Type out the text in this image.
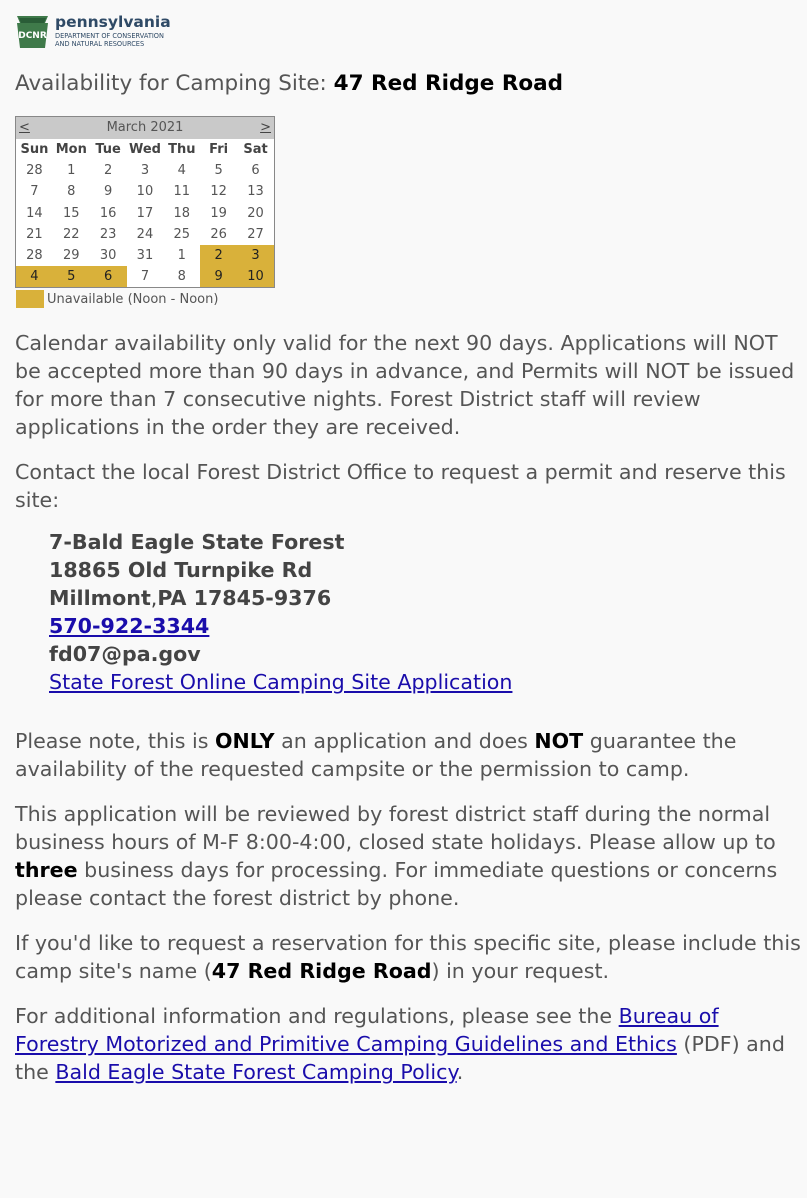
DCNR
pennsylvania
DEPARTMENT OF CONSERVATION
AND NATURAL RESOURCES
Availability for Camping Site: 47 Red Ridge Road
<	March 2021	>
Sun	Mon	Tue	Wed	Thu	Fri	Sat
28	1	2	3	4	5	6
7	8	9	10	11	12	13
14	15	16	17	18	19	20
21	22	23	24	25	26	27
28	29	30	31	1	2	3
4	5	6	7	8	9	10
Unavailable (Noon - Noon)

Calendar availability only valid for the next 90 days. Applications will NOT be accepted more than 90 days in advance, and Permits will NOT be issued for more than 7 consecutive nights. Forest District staff will review applications in the order they are received.

Contact the local Forest District Office to request a permit and reserve this site:

7-Bald Eagle State Forest
18865 Old Turnpike Rd
Millmont,PA 17845-9376
570-922-3344
fd07@pa.gov
State Forest Online Camping Site Application

Please note, this is ONLY an application and does NOT guarantee the availability of the requested campsite or the permission to camp.

This application will be reviewed by forest district staff during the normal business hours of M-F 8:00-4:00, closed state holidays. Please allow up to three business days for processing. For immediate questions or concerns please contact the forest district by phone.

If you'd like to request a reservation for this specific site, please include this camp site's name (47 Red Ridge Road) in your request.

For additional information and regulations, please see the Bureau of Forestry Motorized and Primitive Camping Guidelines and Ethics (PDF) and the Bald Eagle State Forest Camping Policy.
